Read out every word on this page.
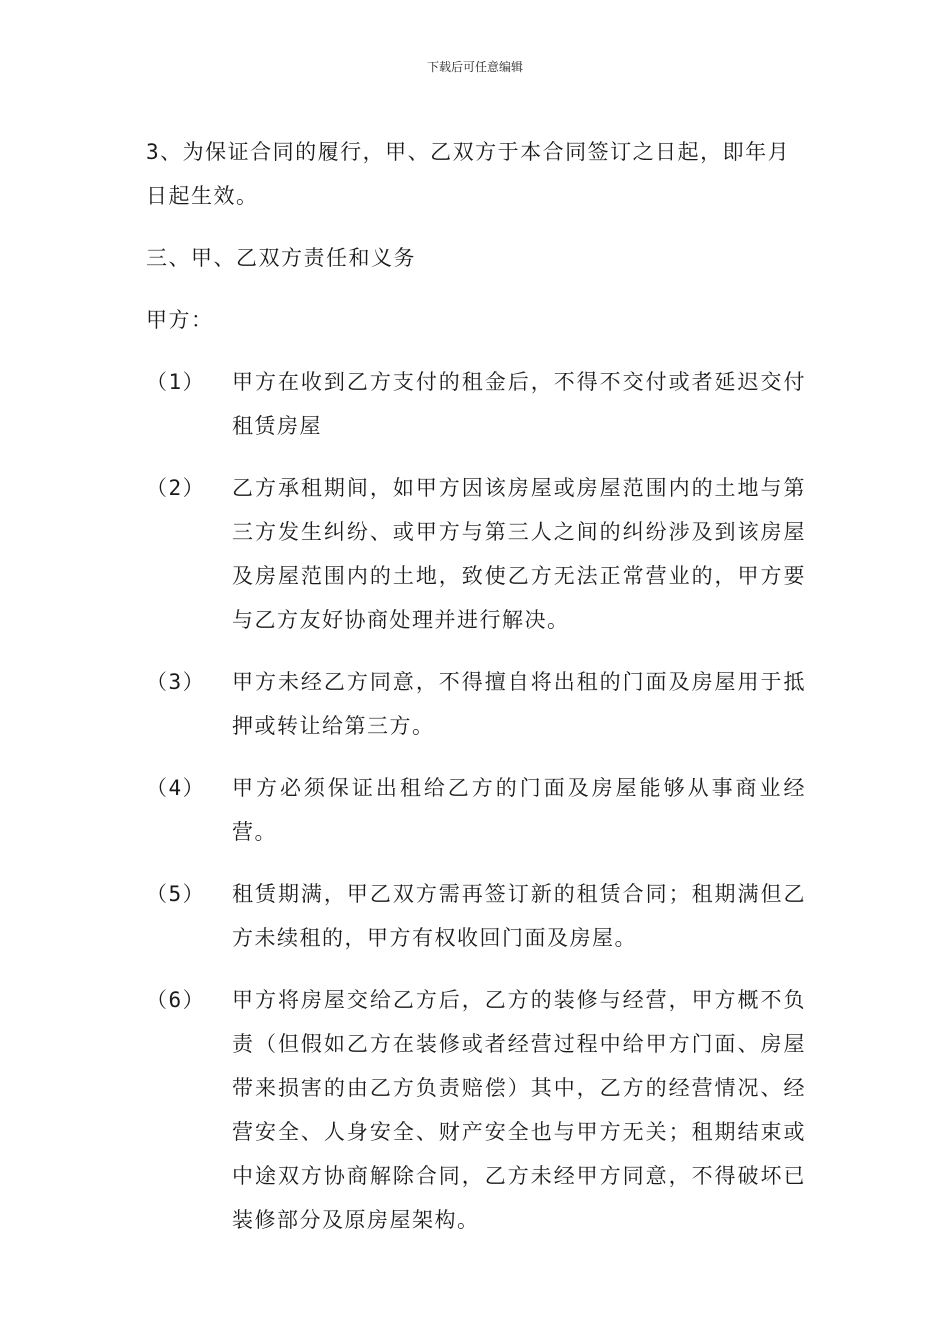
下载后可任意编辑

3、为保证合同的履行，甲、乙双方于本合同签订之日起，即年月　日起生效。

三、甲、乙双方责任和义务

甲方：

（1）	甲方在收到乙方支付的租金后，不得不交付或者延迟交付租赁房屋
（2）	乙方承租期间，如甲方因该房屋或房屋范围内的土地与第三方发生纠纷、或甲方与第三人之间的纠纷涉及到该房屋及房屋范围内的土地，致使乙方无法正常营业的，甲方要与乙方友好协商处理并进行解决。
（3）	甲方未经乙方同意，不得擅自将出租的门面及房屋用于抵押或转让给第三方。
（4）	甲方必须保证出租给乙方的门面及房屋能够从事商业经营。
（5）	租赁期满，甲乙双方需再签订新的租赁合同；租期满但乙方未续租的，甲方有权收回门面及房屋。
（6）	甲方将房屋交给乙方后，乙方的装修与经营，甲方概不负责（但假如乙方在装修或者经营过程中给甲方门面、房屋带来损害的由乙方负责赔偿）其中，乙方的经营情况、经营安全、人身安全、财产安全也与甲方无关；租期结束或中途双方协商解除合同，乙方未经甲方同意，不得破坏已装修部分及原房屋架构。
